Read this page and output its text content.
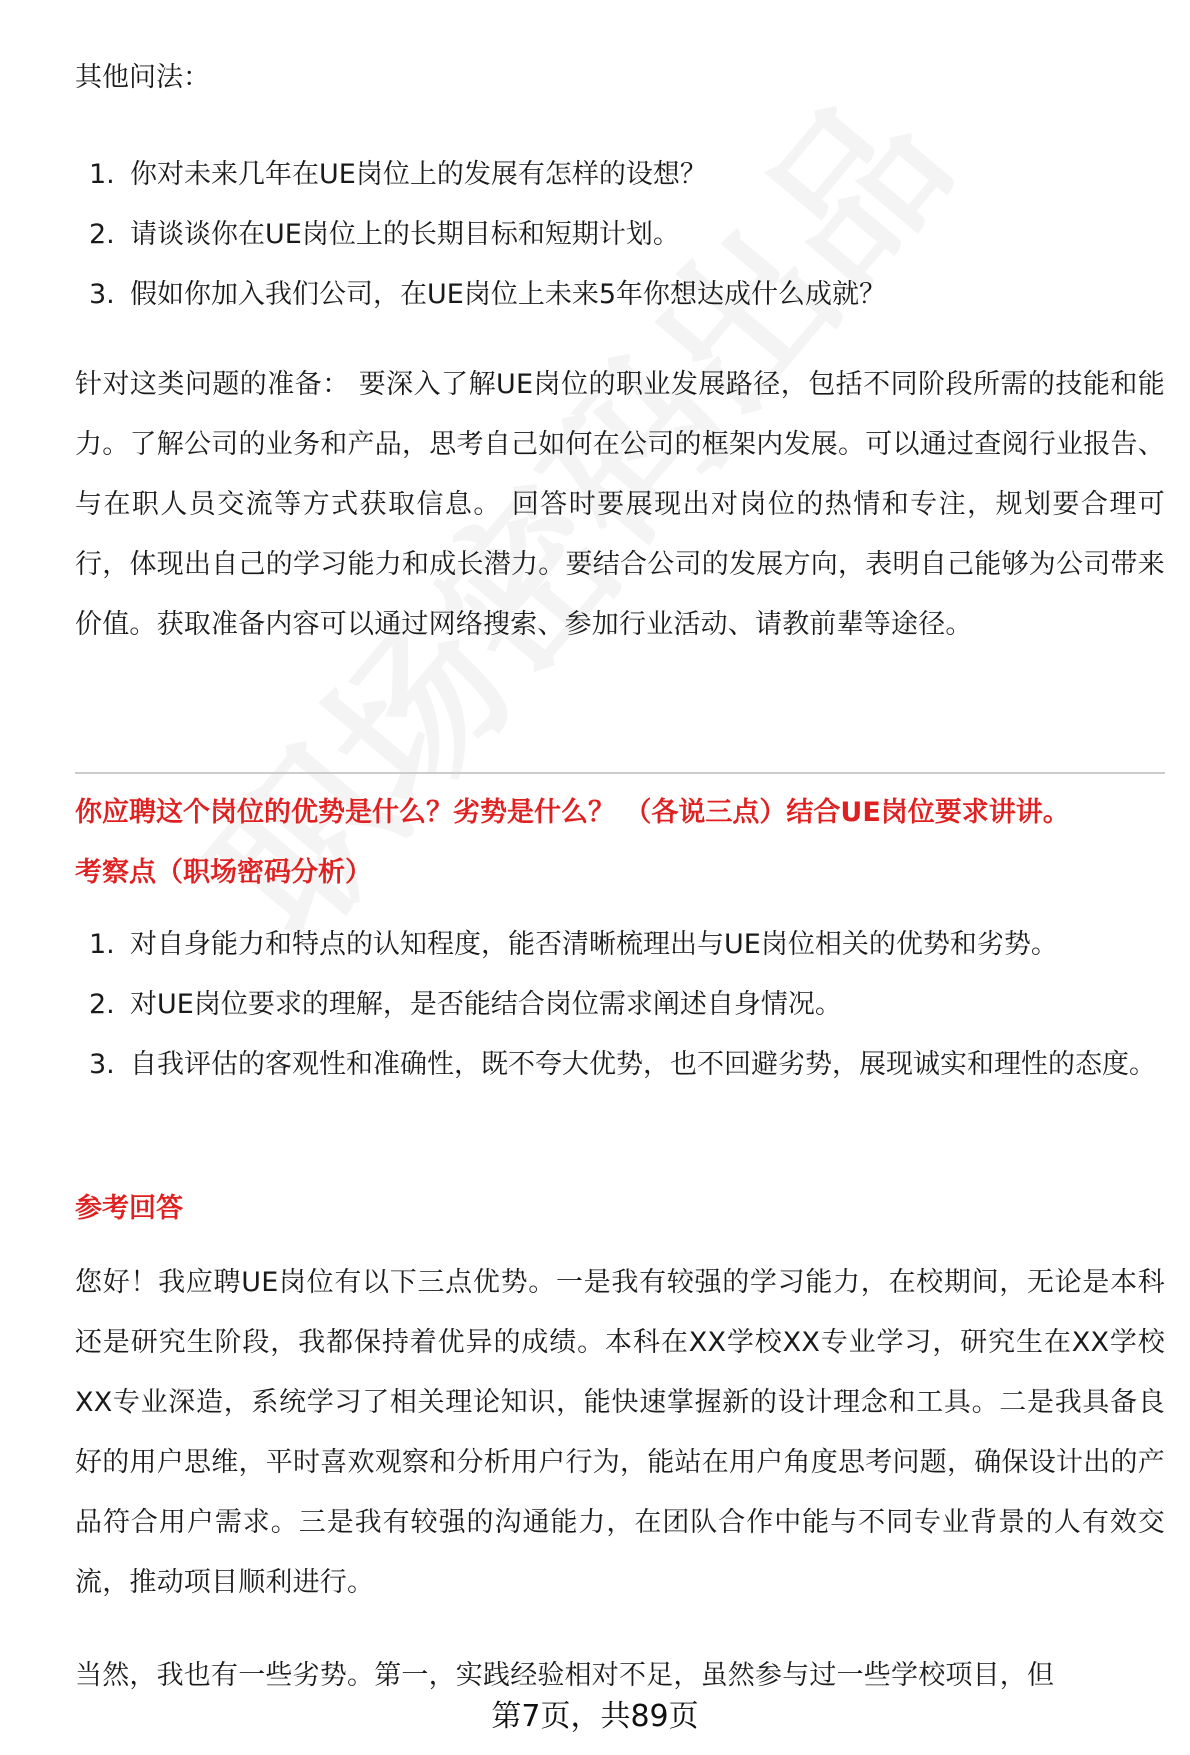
其他问法：
1. 你对未来几年在UE岗位上的发展有怎样的设想？
2. 请谈谈你在UE岗位上的长期目标和短期计划。
3. 假如你加入我们公司，在UE岗位上未来5年你想达成什么成就？

针对这类问题的准备： 要深入了解UE岗位的职业发展路径，包括不同阶段所需的技能和能力。了解公司的业务和产品，思考自己如何在公司的框架内发展。可以通过查阅行业报告、与在职人员交流等方式获取信息。 回答时要展现出对岗位的热情和专注，规划要合理可行，体现出自己的学习能力和成长潜力。要结合公司的发展方向，表明自己能够为公司带来价值。获取准备内容可以通过网络搜索、参加行业活动、请教前辈等途径。

你应聘这个岗位的优势是什么？劣势是什么？ （各说三点）结合UE岗位要求讲讲。
考察点（职场密码分析）
1. 对自身能力和特点的认知程度，能否清晰梳理出与UE岗位相关的优势和劣势。
2. 对UE岗位要求的理解，是否能结合岗位需求阐述自身情况。
3. 自我评估的客观性和准确性，既不夸大优势，也不回避劣势，展现诚实和理性的态度。
参考回答

您好！我应聘UE岗位有以下三点优势。一是我有较强的学习能力，在校期间，无论是本科还是研究生阶段，我都保持着优异的成绩。本科在XX学校XX专业学习，研究生在XX学校XX专业深造，系统学习了相关理论知识，能快速掌握新的设计理念和工具。二是我具备良好的用户思维，平时喜欢观察和分析用户行为，能站在用户角度思考问题，确保设计出的产品符合用户需求。三是我有较强的沟通能力，在团队合作中能与不同专业背景的人有效交流，推动项目顺利进行。

当然，我也有一些劣势。第一，实践经验相对不足，虽然参与过一些学校项目，但

第7页，共89页
